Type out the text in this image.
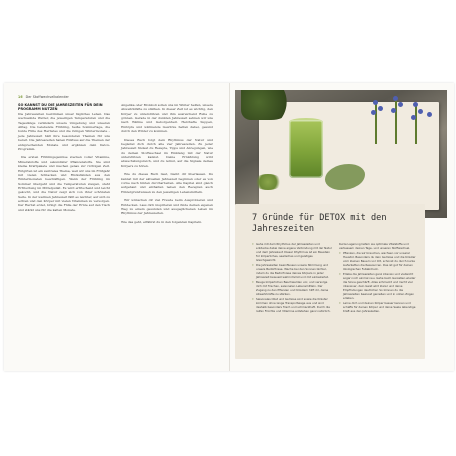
16 Der Stoffwechselkalender

SO KANNST DU DIE JAHRESZEITEN FÜR DEIN PROGRAMM NUTZEN

Die Jahreszeiten bestimmen unser tägliches Leben. Das wechselnde Wetter, die jeweiligen Temperaturen und die Tageslänge verändern unsere Umgebung und unseren Alltag. Die belebende Frühling, heiße Sommertage, die bunte Fülle des Herbstes und die ruhigen Wintermonate – jede Jahreszeit hält ihre besonderen Themen für uns bereit. Die Jahreszeiten haben Einfluss auf die Themen der entsprechenden Monate und ergänzen dein Detox-Programm.

Die ersten Frühlingsgemüse stecken voller Vitamine, Mineralstoffe und sekundärer Pflanzenstoffe. Sie sind kleine Kraftpakete und machen genau zur richtigen Zeit. Entgiften ist ein zentrales Thema, weil wir uns im Frühjahr mit vielen Schlacken und Rückständen aus den Wintermonaten beschäftigen. Wenn der Frühling im Sommer übergeht und die Temperaturen steigen, steht Erfrischung im Mittelpunkt. Es wird erfrischend und leicht gekocht, und die Natur zeigt sich von ihrer schönsten Seite. In der warmen Jahreszeit fällt es leichter, auf sich zu achten und den Körper mit vielen Vitaminen zu versorgen. Der Herbst erdet, bringt die Fülle der Ernte auf den Tisch und stärkt uns für die kalten Monate.

Angelika oder Brokkoli sollen uns im Winter helfen, unsere Abwehrkräfte zu stärken. In dieser Zeit ist es wichtig, den Körper zu unterstützen und ihm ausreichend Ruhe zu gönnen. Gerade in der dunklen Jahreszeit sehnen wir uns nach Wärme und Geborgenheit. Herzhafte Suppen, Eintöpfe und wärmende Gewürze helfen dabei, gesund durch den Winter zu kommen.

Dieses Buch folgt dem Rhythmus der Natur und begleitet dich durch alle vier Jahreszeiten. Zu jeder Jahreszeit findest du Rezepte, Tipps und Anregungen, wie du deinen Stoffwechsel im Einklang mit der Natur unterstützen kannst. Deine Ernährung wird abwechslungsreich, und du lernst, auf die Signale deines Körpers zu hören.

Wie du dieses Buch liest, bleibt dir überlassen. Du kannst mit der aktuellen Jahreszeit beginnen oder es von vorne nach hinten durcharbeiten. Alle Kapitel sind gleich aufgebaut und enthalten neben den Rezepten auch Hintergrundwissen zu den jeweiligen Lebensmitteln.

Wir wünschen dir viel Freude beim Ausprobieren und Entdecken. Lass dich inspirieren und finde deinen eigenen Weg zu einem gesunden und ausgeglichenen Leben im Rhythmus der Jahreszeiten.

Wie das geht, erfährst du in den folgenden Kapiteln.	7 Gründe für DETOX mit den Jahreszeiten

• Gehe mit dem Rhythmus der Jahreszeiten und entdecke dabei deine eigene Verbindung mit der Natur und dem Jahreslauf. Dieser Rhythmus ist ein Baustein für körperliches, seelisches und geistiges Gleichgewicht.

• Die Jahreszeiten beeinflussen unsere Stimmung und unsere Bedürfnisse. Wache bei den Sonnen lächler, indem du die Bedürfnisse deines Körpers in jeder Jahreszeit bewusst wahrnimmst und mit einbeziehst.

• Beuge körperlichen Beschwerden vor, und versorge dich mit frischen, saisonalen Lebensmitteln. Der Zugang zu den Pflanzen und Kräutern hilft dir, deine Abwehrkräfte zu stärken.

• Saisonales Obst und Gemüse sind sowie die Kräuter kommen ohne lange Transportwege aus und sind deshalb besonders frisch und schmackhaft. Durch die reifen Früchte und Vitamine entstehen ganz natürlich.

Kurze Lagerung liefern sie optimale Vitalstoffe und verbessern deinen Tage- und unseren Stoffwechsel.

• Pflanzen, die wir brauchen, wachsen vor unserer Haustür. Besonders du dein Gemüse und die Kräuter vom kleinen Bauern vor Ort, schonst du durch kurze Lieferketten die Ressourcen. Das ist gut für deinen ökologischen Fußabdruck.

• Erlebe die Jahreszeiten ganz intensiv und vielleicht sogar noch einmal neu. Gehe beim Genießen wieder die Sinne geschärft, Alles schmeckt und riecht viel intensiver, dein Geist wird klarer und deine Empfindungen deutlicher. So können du die Jahreszeiten bewusst genießen und in vollen Zügen erleben.

• Lerne dich und deinen Körper besser kennen und schaffe für deinen Körper und deine Seele lebendige Kraft aus den Jahreszeiten.
